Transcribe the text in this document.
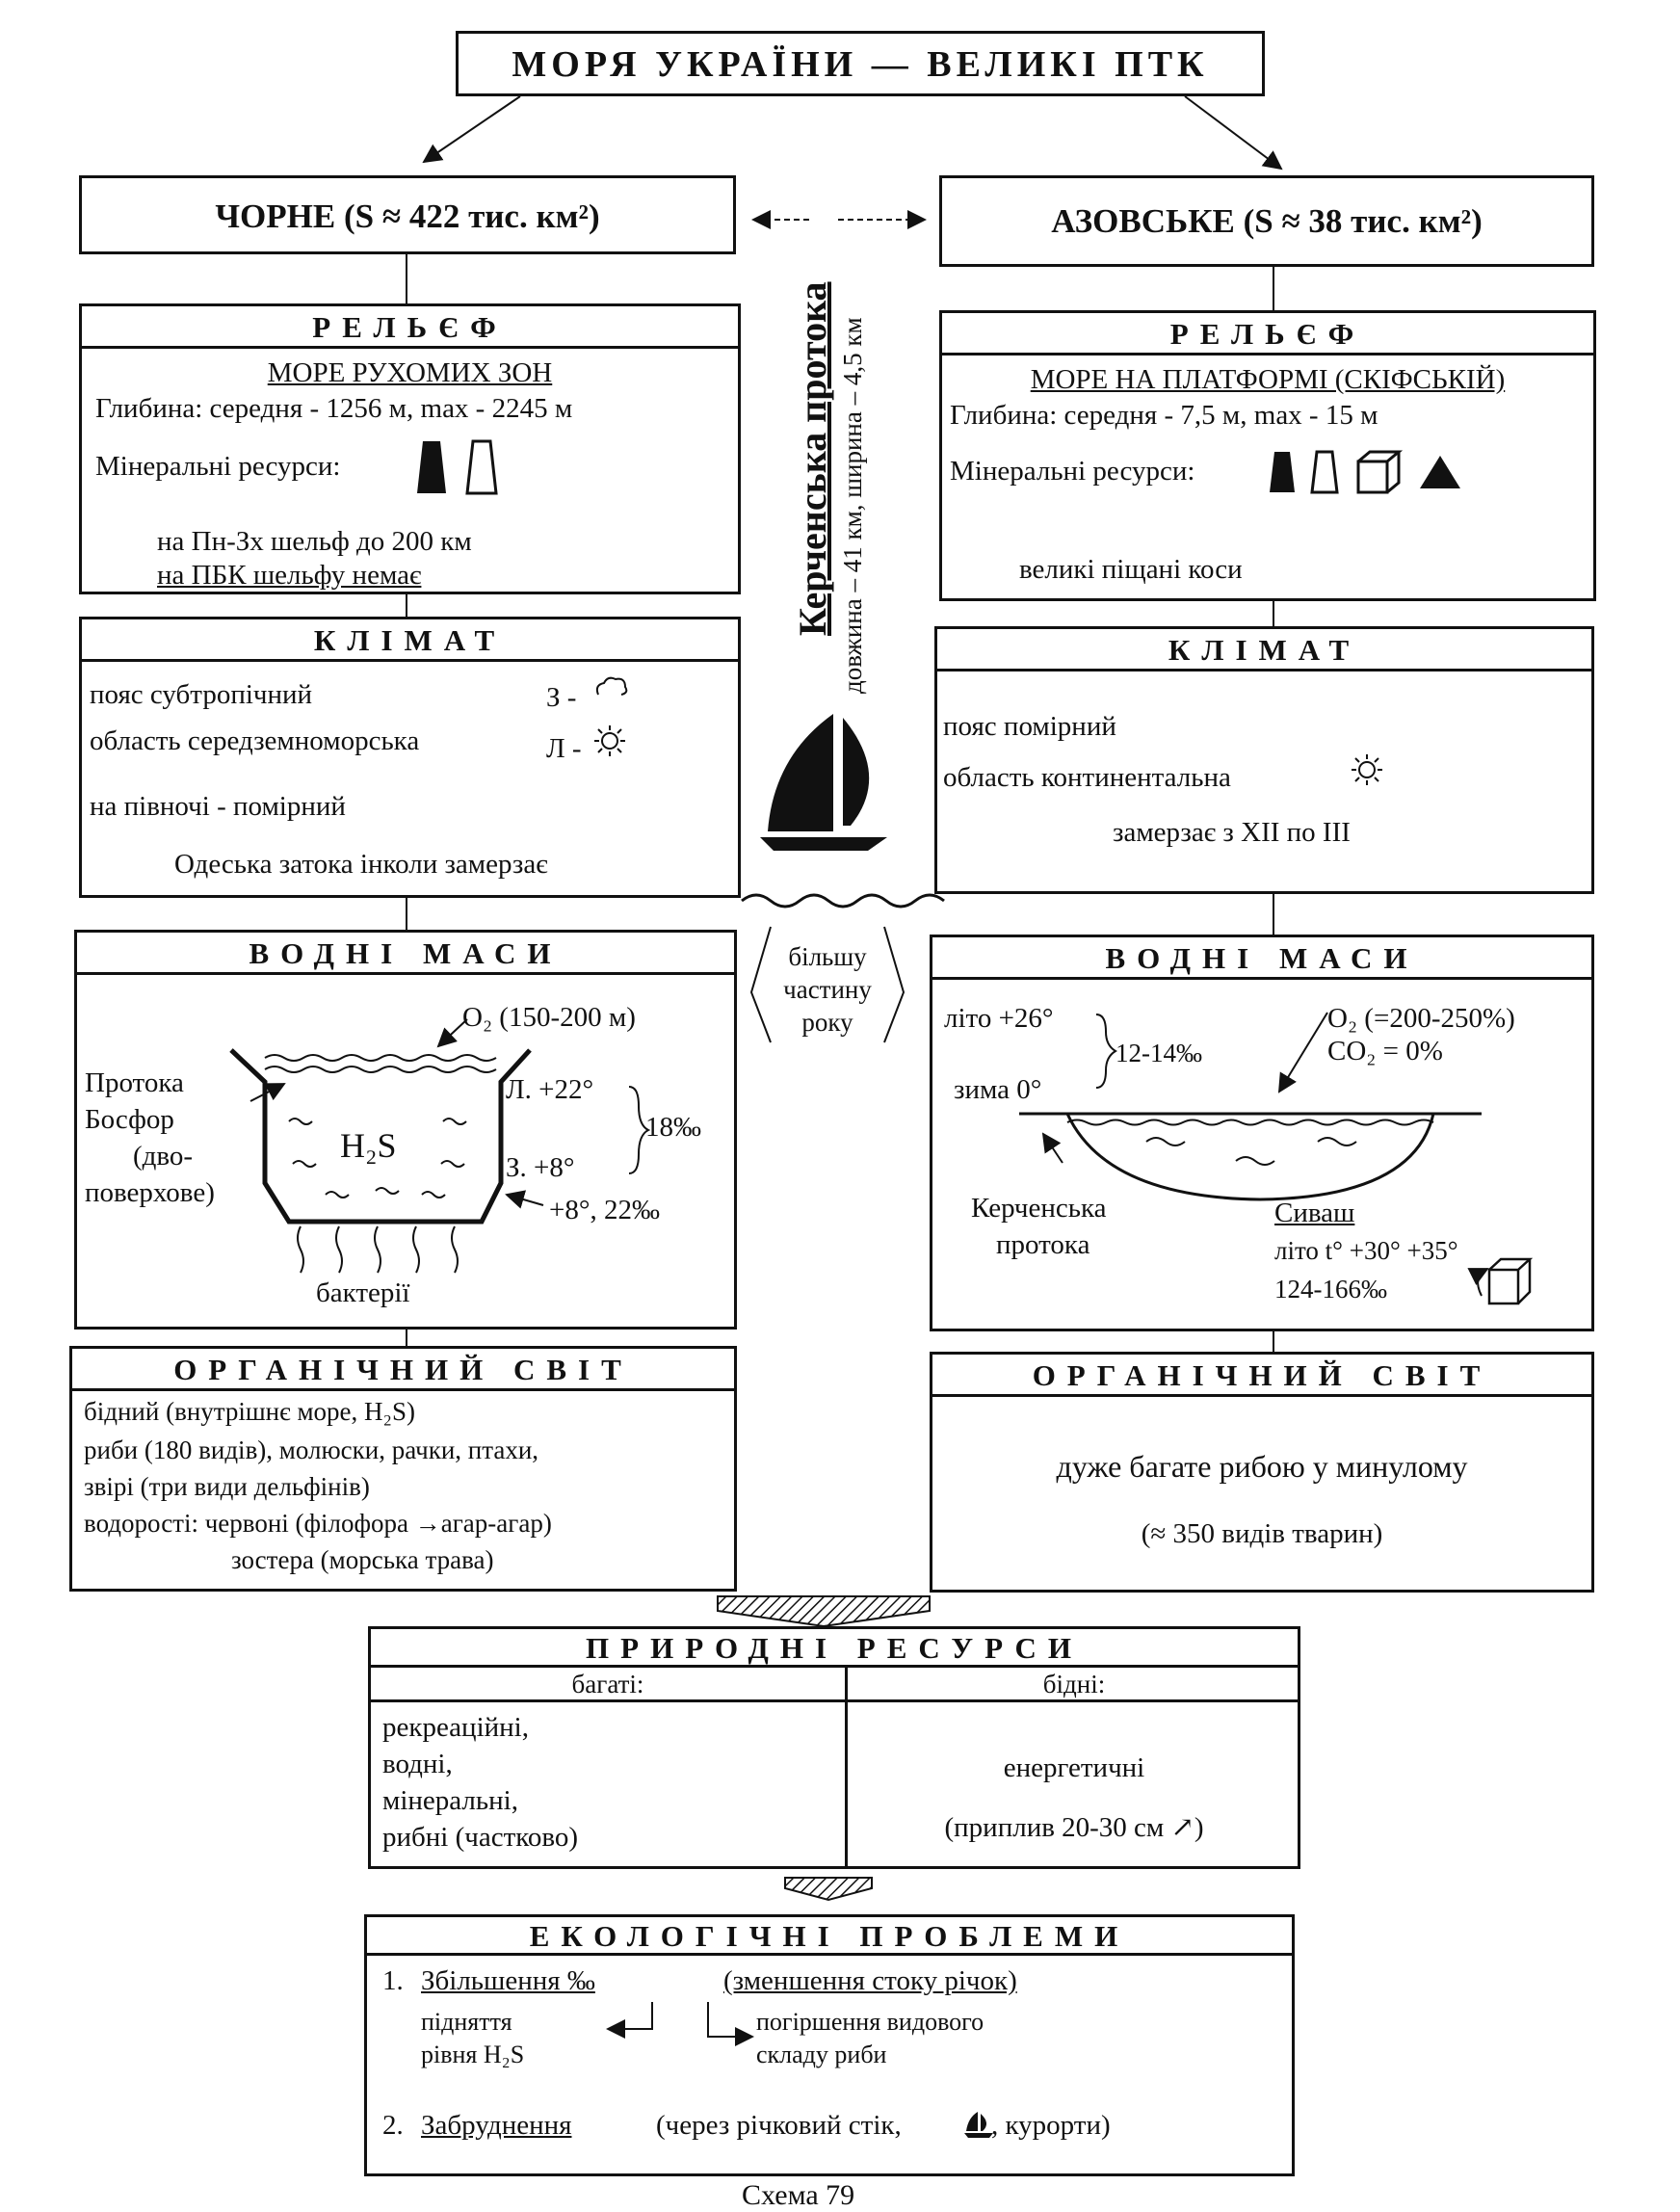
МОРЯ УКРАЇНИ — ВЕЛИКІ ПТК
ЧОРНЕ (S ≈ 422 тис. км²)	АЗОВСЬКЕ (S ≈ 38 тис. км²)
Керченська протока довжина – 41 км, ширина – 4,5 км
РЕЛЬЄФ
МОРЕ РУХОМИХ ЗОН
Глибина: середня - 1256 м, max - 2245 м
Мінеральні ресурси:
на Пн-Зх шельф до 200 км
на ПБК шельфу немає
КЛІМАТ
пояс субтропічний
область середземноморська
на півночі - помірний
Одеська затока інколи замерзає
З -
Л -
ВОДНІ МАСИ
O₂ (150-200 м)
Протока
Босфор
(дво-
поверхове)
H₂S
Л. +22°
З. +8°
18‰
+8°, 22‰
бактерії
ОРГАНІЧНИЙ СВІТ
бідний (внутрішнє море, H₂S)
риби (180 видів), молюски, рачки, птахи,
звірі (три види дельфінів)
водорості: червоні (філофора →агар-агар)
зостера (морська трава)
РЕЛЬЄФ
МОРЕ НА ПЛАТФОРМІ (СКІФСЬКІЙ)
Глибина: середня - 7,5 м, max - 15 м
Мінеральні ресурси:
великі піщані коси
КЛІМАТ
пояс помірний
область континентальна
замерзає з XII по III
ВОДНІ МАСИ
літо +26°
зима 0°
12-14‰
O₂ (=200-250%)
CO₂ = 0%
Керченська
протока
Сиваш
літо t° +30° +35°
124-166‰
ОРГАНІЧНИЙ СВІТ
дуже багате рибою у минулому
(≈ 350 видів тварин)
більшу
частину
року
ПРИРОДНІ РЕСУРСИ
багаті:	бідні:
рекреаційні,
водні,
мінеральні,
рибні (частково)
енергетичні
(приплив 20-30 см ↗)
ЕКОЛОГІЧНІ ПРОБЛЕМИ
1. Збільшення ‰	(зменшення стоку річок)
підняття
рівня H₂S
погіршення видового
складу риби
2. Забруднення	(через річковий стік,	, курорти)
Схема 79
